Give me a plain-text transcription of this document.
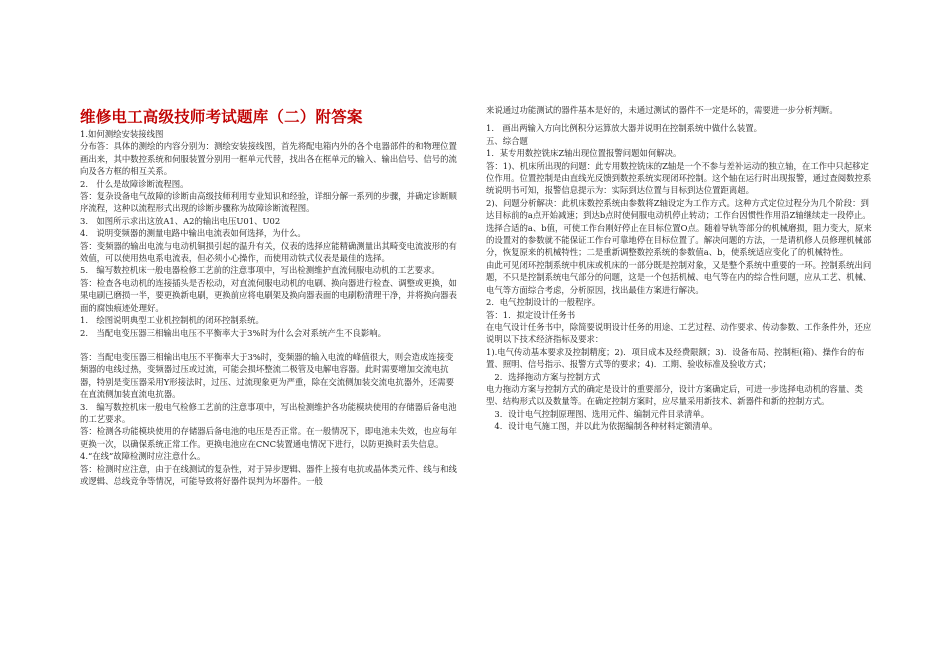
维修电工高级技师考试题库（二）附答案

1.如何测绘安装接线图

分布答：具体的测绘的内容分别为：测绘安装接线图，首先将配电箱内外的各个电器部件的和物理位置画出来，其中数控系统和伺服装置分别用一框单元代替，找出各在框单元的输入、输出信号、信号的流向及各方框的相互关系。

2.　什么是故障诊断流程图。

答：复杂设备电气故障的诊断由高级技师利用专业知识和经验，详细分解一系列的步骤，并确定诊断顺序流程，这种以流程形式出现的诊断步骤称为故障诊断流程图。

3.　如图所示求出这放A1、A2的输出电压U01、U02

4.　说明变频器的测量电路中输出电流表如何选择，为什么。

答：变频器的输出电流与电动机铜损引起的温升有关，仪表的选择应能精确测量出其畸变电流波形的有效值，可以使用热电系电流表，但必须小心操作，而使用动铁式仪表是最佳的选择。

5.　编写数控机床一般电器检修工艺前的注意事项中，写出检测维护直流伺服电动机的工艺要求。

答：检查各电动机的连接插头是否松动，对直流伺服电动机的电刷、换向器进行检查、调整或更换，如果电刷已磨损一半，要更换新电刷，更换前应将电刷架及换向器表面的电刷粉清理干净，并将换向器表面的腐蚀痕迹处理好。

1.　绘图说明典型工业机控制机的闭环控制系统。

2.　当配电变压器三相输出电压不平衡率大于3%时为什么会对系统产生不良影响。

答：当配电变压器三相输出电压不平衡率大于3%时，变频器的输入电流的峰值很大，则会造成连接变频器的电线过热，变频器过压或过流，可能会损坏整流二极管及电解电容器。此时需要增加交流电抗器，特别是变压器采用Y形接法时，过压、过流现象更为严重，除在交流侧加装交流电抗器外，还需要在直流侧加装直流电抗器。

3.　编写数控机床一般电气检修工艺前的注意事项中，写出检测维护各功能模块使用的存储器后备电池的工艺要求。

答：检测各功能模块使用的存储器后备电池的电压是否正常。在一般情况下，即电池未失效，也应每年更换一次，以确保系统正常工作。更换电池应在CNC装置通电情况下进行，以防更换时丢失信息。

4.“在线”故障检测时应注意什么。

答：检测时应注意，由于在线测试的复杂性，对于异步逻辑、器件上接有电抗或晶体类元件、线与和线或逻辑、总线竞争等情况，可能导致将好器件误判为坏器件。一般

来说通过功能测试的器件基本是好的，未通过测试的器件不一定是坏的，需要进一步分析判断。

1.　画出两输入方向比例积分运算放大器并说明在控制系统中做什么装置。

五、综合题

1．某专用数控铣床Z轴出现位置报警问题如何解决。

答：1)、机床所出现的问题：此专用数控铣床的Z轴是一个不参与差补运动的独立轴，在工作中只起移定位作用。位置控制是由直线光反馈到数控系统实现闭环控制。这个轴在运行时出现报警，通过查阅数控系统说明书可知，报警信息提示为：实际到达位置与目标到达位置距离超。

2)、问题分析解决：此机床数控系统由参数将Z轴设定为工作方式。这种方式定位过程分为几个阶段：到达目标前的a点开始减速；到达b点时使伺服电动机停止转动；工作台因惯性作用沿Z轴继续走一段停止。选择合适的a、b值，可使工作台刚好停止在目标位置O点。随着导轨等部分的机械磨损，阻力变大，原来的设置对的参数就不能保证工作台可靠地停在目标位置了。解决问题的方法，一是请机修人员修理机械部分，恢复原来的机械特性；二是重新调整数控系统的参数值a、b，使系统适应变化了的机械特性。

由此可见闭环控制系统中机床或机床的一部分既是控制对象，又是整个系统中重要的一环。控制系统出问题，不只是控制系统电气部分的问题，这是一个包括机械、电气等在内的综合性问题，应从工艺、机械、电气等方面综合考虑，分析原因，找出最佳方案进行解决。

2．电气控制设计的一般程序。

答：1．拟定设计任务书

在电气设计任务书中，除简要说明设计任务的用途、工艺过程、动作要求、传动参数、工作条件外，还应说明以下技术经济指标及要求：

1).电气传动基本要求及控制精度；2)．项目成本及经费限额；3)．设备布局、控制柜(箱)、操作台的布置、照明、信号指示、报警方式等的要求；4)．工期、验收标准及验收方式；

　2．选择拖动方案与控制方式

电力拖动方案与控制方式的确定是设计的重要部分，设计方案确定后，可进一步选择电动机的容量、类型、结构形式以及数量等。在确定控制方案时，应尽量采用新技术、新器件和新的控制方式。

　3．设计电气控制原理图、选用元件、编制元件目录清单。

　4．设计电气施工图，并以此为依据编制各种材料定额清单。
